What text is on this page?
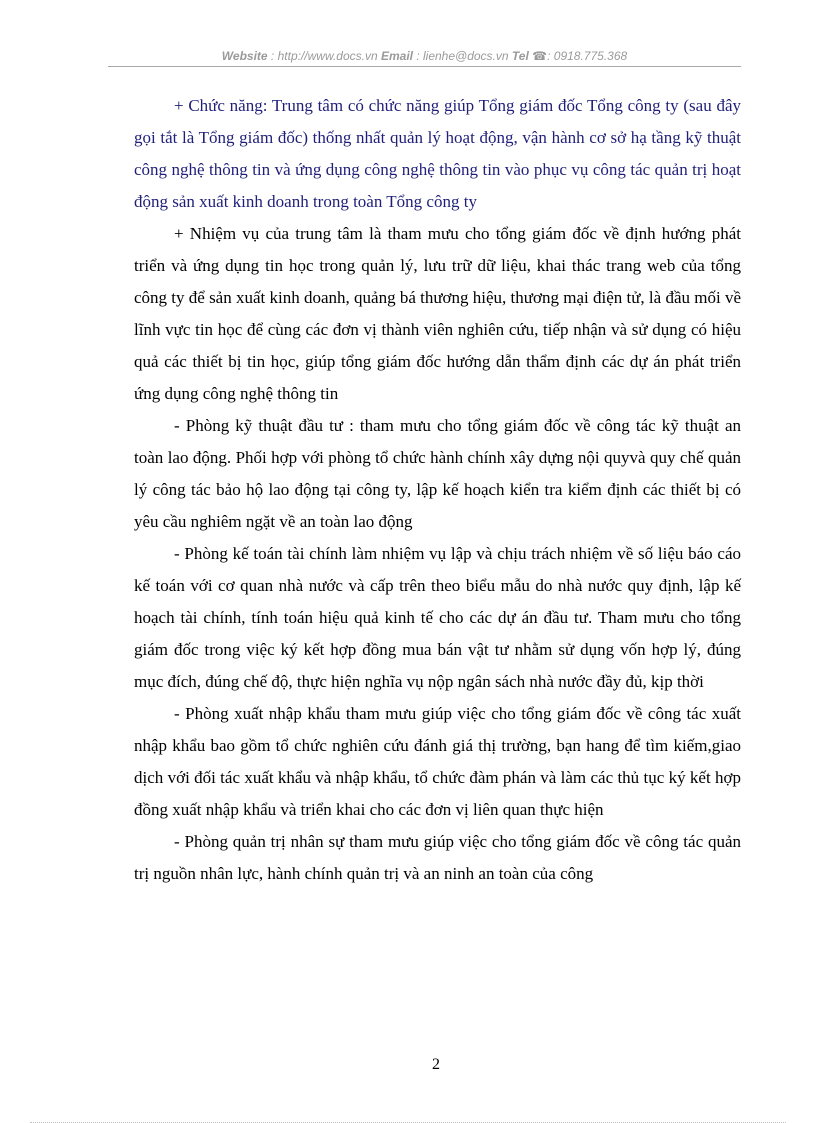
Website : http://www.docs.vn Email : lienhe@docs.vn Tel ☎: 0918.775.368

+ Chức năng: Trung tâm có chức năng giúp Tổng giám đốc Tổng công ty (sau đây gọi tắt là Tổng giám đốc) thống nhất quản lý hoạt động, vận hành cơ sở hạ tầng kỹ thuật công nghệ thông tin và ứng dụng công nghệ thông tin vào phục vụ công tác quản trị hoạt động sản xuất kinh doanh trong toàn Tổng công ty

+ Nhiệm vụ của trung tâm là tham mưu cho tổng giám đốc về định hướng phát triển và ứng dụng tin học trong quản lý, lưu trữ dữ liệu, khai thác trang web của tổng công ty để sản xuất kinh doanh, quảng bá thương hiệu, thương mại điện tử, là đầu mối về lĩnh vực tin học để cùng các đơn vị thành viên nghiên cứu, tiếp nhận và sử dụng có hiệu quả các thiết bị tin học, giúp tổng giám đốc hướng dẫn thẩm định các dự án phát triển ứng dụng công nghệ thông tin

- Phòng kỹ thuật đầu tư : tham mưu cho tổng giám đốc về công tác kỹ thuật an toàn lao động. Phối hợp với phòng tổ chức hành chính xây dựng nội quyvà quy chế quản lý công tác bảo hộ lao động tại công ty, lập kế hoạch kiển tra kiểm định các thiết bị có yêu cầu nghiêm ngặt về an toàn lao động

- Phòng kế toán tài chính làm nhiệm vụ lập và chịu trách nhiệm về số liệu báo cáo kế toán với cơ quan nhà nước và cấp trên theo biểu mẫu do nhà nước quy định, lập kế hoạch tài chính, tính toán hiệu quả kinh tế cho các dự án đầu tư. Tham mưu cho tổng giám đốc trong việc ký kết hợp đồng mua bán vật tư nhằm sử dụng vốn hợp lý, đúng mục đích, đúng chế độ, thực hiện nghĩa vụ nộp ngân sách nhà nước đầy đủ, kịp thời

- Phòng xuất nhập khẩu tham mưu giúp việc cho tổng giám đốc về công tác xuất nhập khẩu bao gồm tổ chức nghiên cứu đánh giá thị trường, bạn hang để tìm kiếm,giao dịch với đối tác xuất khẩu và nhập khẩu, tổ chức đàm phán và làm các thủ tục ký kết hợp đồng xuất nhập khẩu và triển khai cho các đơn vị liên quan thực hiện

- Phòng quản trị nhân sự tham mưu giúp việc cho tổng giám đốc về công tác quản trị nguồn nhân lực, hành chính quản trị và an ninh an toàn của công

2
